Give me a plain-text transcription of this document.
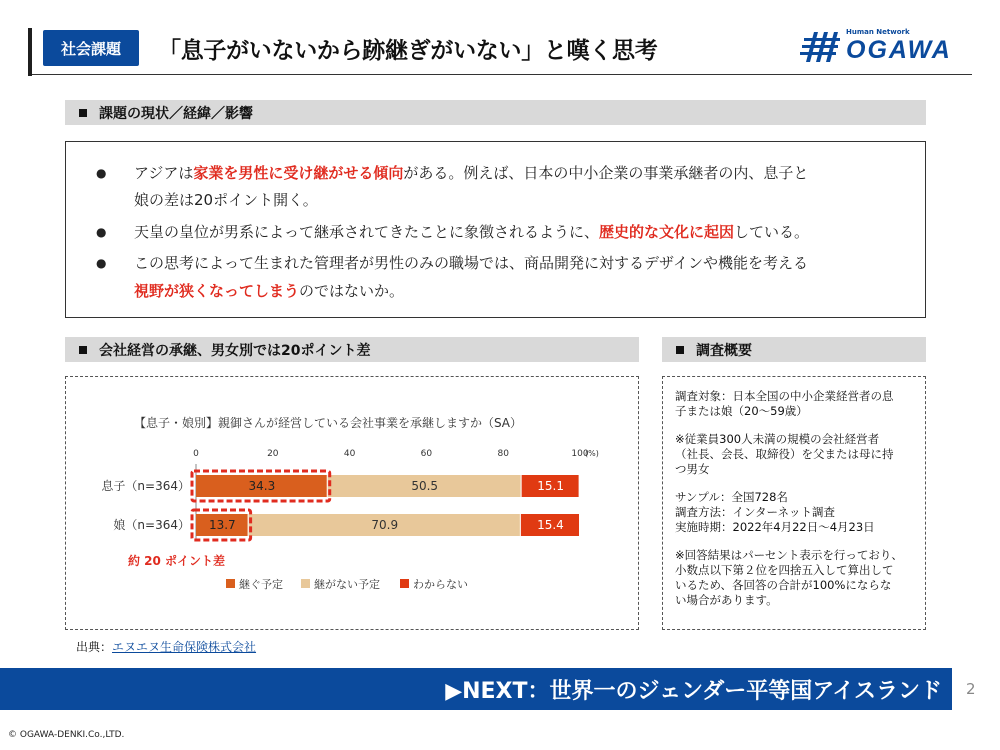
社会課題	「息子がいないから跡継ぎがいない」と嘆く思考
Human Network
OGAWA
課題の現状／経緯／影響
● アジアは家業を男性に受け継がせる傾向がある。例えば、日本の中小企業の事業承継者の内、息子と
娘の差は20ポイント開く。
● 天皇の皇位が男系によって継承されてきたことに象徴されるように、歴史的な文化に起因している。
● この思考によって生まれた管理者が男性のみの職場では、商品開発に対するデザインや機能を考える
視野が狭くなってしまうのではないか。
会社経営の承継、男女別では20ポイント差	調査概要
【息子・娘別】親御さんが経営している会社事業を承継しますか（SA）
0	20	40	60	80	100
(%)
息子（n=364）	34.3	50.5	15.1
娘（n=364） 13.7	70.9	15.4
約 20 ポイント差
継ぐ予定	継がない予定	わからない
調査対象：日本全国の中小企業経営者の息
子または娘（20～59歳）
※従業員300人未満の規模の会社経営者
（社長、会長、取締役）を父または母に持
つ男女
サンプル：全国728名
調査方法：インターネット調査
実施時期：2022年4月22日～4月23日
※回答結果はパーセント表示を行っており、
小数点以下第２位を四捨五入して算出して
いるため、各回答の合計が100%にならな
い場合があります。
出典：エヌエヌ生命保険株式会社
▶NEXT：世界一のジェンダー平等国アイスランド	2
© OGAWA-DENKI.Co.,LTD.
